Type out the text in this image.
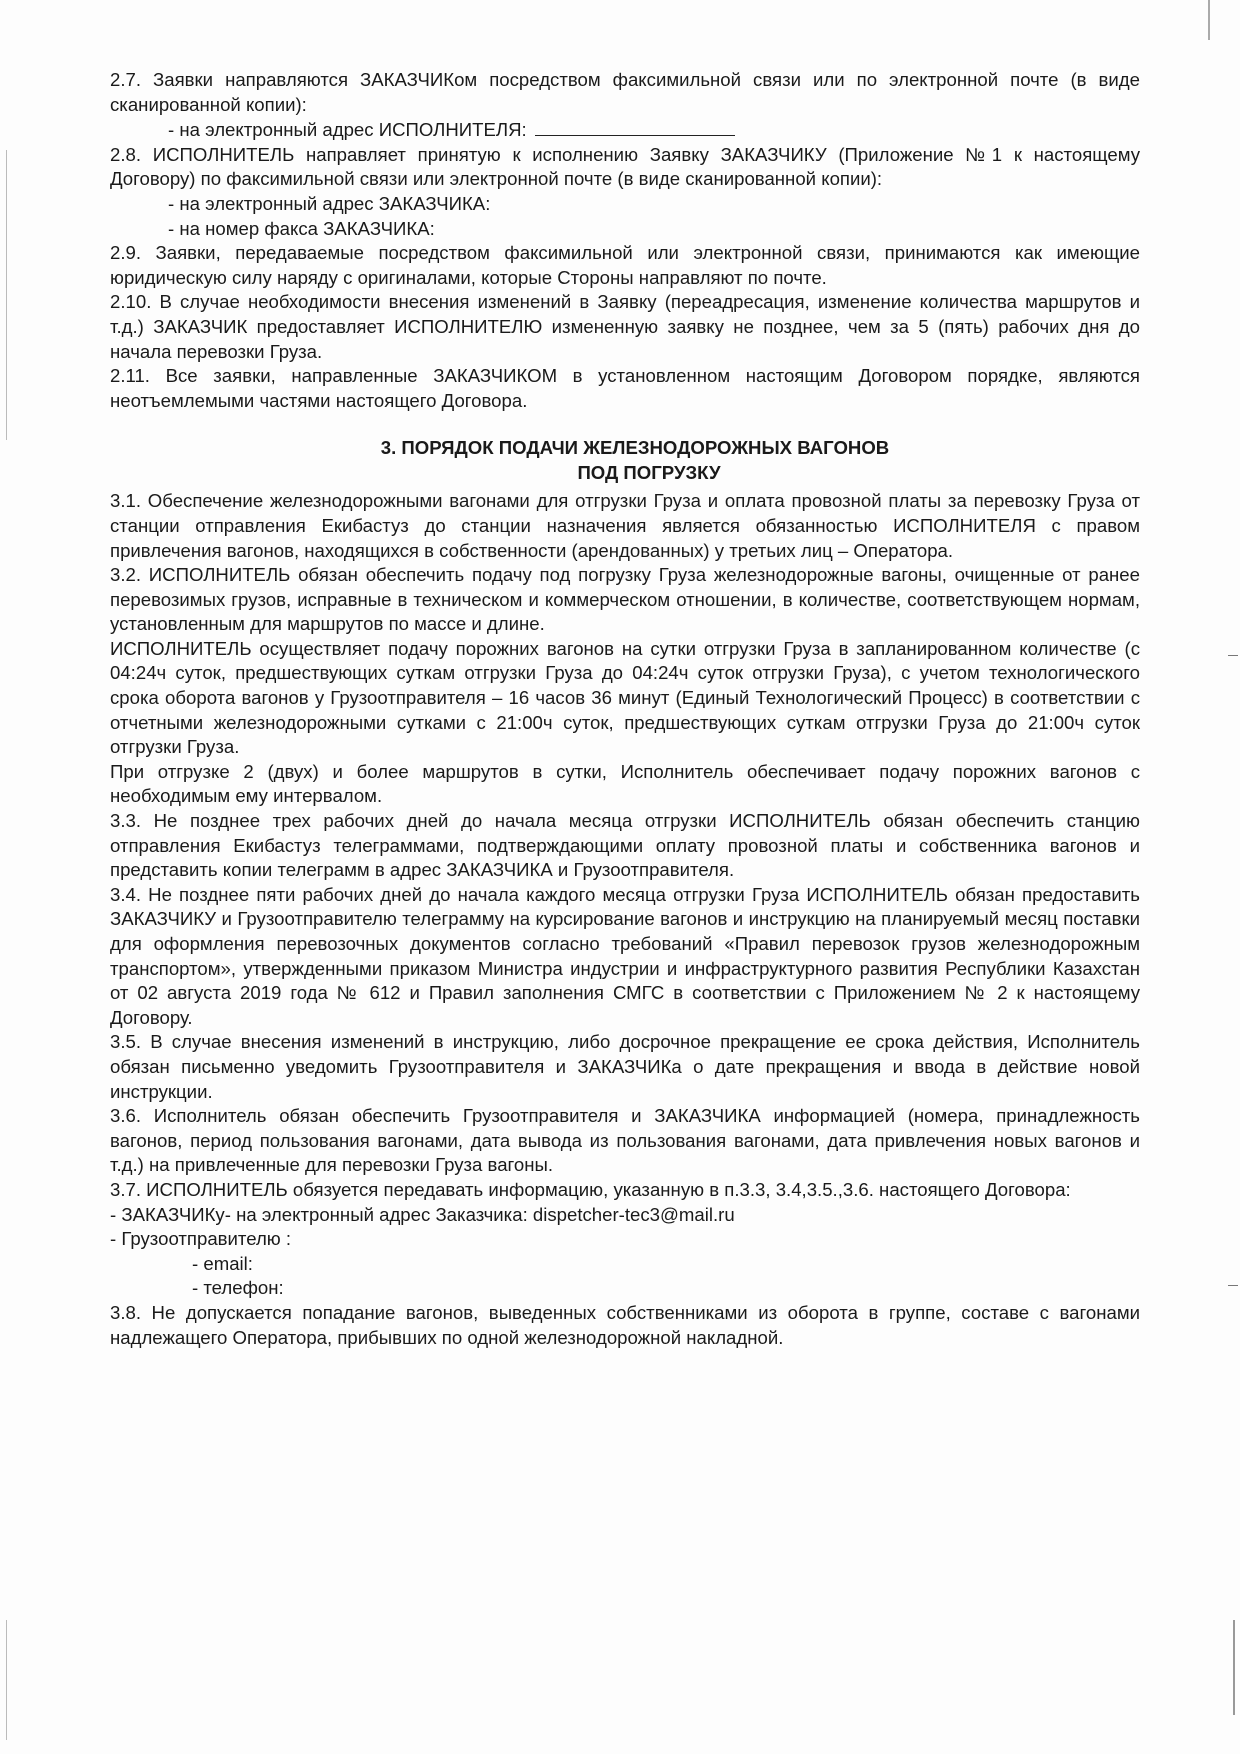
2.7. Заявки направляются ЗАКАЗЧИКом посредством факсимильной связи или по электронной почте (в виде сканированной копии):

- на электронный адрес ИСПОЛНИТЕЛЯ:

2.8. ИСПОЛНИТЕЛЬ направляет принятую к исполнению Заявку ЗАКАЗЧИКУ (Приложение №1 к настоящему Договору) по факсимильной связи или электронной почте (в виде сканированной копии):

- на электронный адрес ЗАКАЗЧИКА:

- на номер факса ЗАКАЗЧИКА:

2.9. Заявки, передаваемые посредством факсимильной или электронной связи, принимаются как имеющие юридическую силу наряду с оригиналами, которые Стороны направляют по почте.

2.10. В случае необходимости внесения изменений в Заявку (переадресация, изменение количества маршрутов и т.д.) ЗАКАЗЧИК предоставляет ИСПОЛНИТЕЛЮ измененную заявку не позднее, чем за 5 (пять) рабочих дня до начала перевозки Груза.

2.11. Все заявки, направленные ЗАКАЗЧИКОМ в установленном настоящим Договором порядке, являются неотъемлемыми частями настоящего Договора.

3. ПОРЯДОК ПОДАЧИ ЖЕЛЕЗНОДОРОЖНЫХ ВАГОНОВ
ПОД ПОГРУЗКУ

3.1. Обеспечение железнодорожными вагонами для отгрузки Груза и оплата провозной платы за перевозку Груза от станции отправления Екибастуз до станции назначения является обязанностью ИСПОЛНИТЕЛЯ с правом привлечения вагонов, находящихся в собственности (арендованных) у третьих лиц – Оператора.

3.2. ИСПОЛНИТЕЛЬ обязан обеспечить подачу под погрузку Груза железнодорожные вагоны, очищенные от ранее перевозимых грузов, исправные в техническом и коммерческом отношении, в количестве, соответствующем нормам, установленным для маршрутов по массе и длине.

ИСПОЛНИТЕЛЬ осуществляет подачу порожних вагонов на сутки отгрузки Груза в запланированном количестве (с 04:24ч суток, предшествующих суткам отгрузки Груза до 04:24ч суток отгрузки Груза), с учетом технологического срока оборота вагонов у Грузоотправителя – 16 часов 36 минут (Единый Технологический Процесс) в соответствии с отчетными железнодорожными сутками с 21:00ч суток, предшествующих суткам отгрузки Груза до 21:00ч суток отгрузки Груза.

При отгрузке 2 (двух) и более маршрутов в сутки, Исполнитель обеспечивает подачу порожних вагонов с необходимым ему интервалом.

3.3. Не позднее трех рабочих дней до начала месяца отгрузки ИСПОЛНИТЕЛЬ обязан обеспечить станцию отправления Екибастуз телеграммами, подтверждающими оплату провозной платы и собственника вагонов и представить копии телеграмм в адрес ЗАКАЗЧИКА и Грузоотправителя.

3.4. Не позднее пяти рабочих дней до начала каждого месяца отгрузки Груза ИСПОЛНИТЕЛЬ обязан предоставить ЗАКАЗЧИКУ и Грузоотправителю телеграмму на курсирование вагонов и инструкцию на планируемый месяц поставки для оформления перевозочных документов согласно требований «Правил перевозок грузов железнодорожным транспортом», утвержденными приказом Министра индустрии и инфраструктурного развития Республики Казахстан от 02 августа 2019 года № 612 и Правил заполнения СМГС в соответствии с Приложением № 2 к настоящему Договору.

3.5. В случае внесения изменений в инструкцию, либо досрочное прекращение ее срока действия, Исполнитель обязан письменно уведомить Грузоотправителя и ЗАКАЗЧИКа о дате прекращения и ввода в действие новой инструкции.

3.6. Исполнитель обязан обеспечить Грузоотправителя и ЗАКАЗЧИКА информацией (номера, принадлежность вагонов, период пользования вагонами, дата вывода из пользования вагонами, дата привлечения новых вагонов и т.д.) на привлеченные для перевозки Груза вагоны.

3.7. ИСПОЛНИТЕЛЬ обязуется передавать информацию, указанную в п.3.3, 3.4,3.5.,3.6. настоящего Договора:

- ЗАКАЗЧИКу- на электронный адрес Заказчика: dispetcher-tec3@mail.ru

- Грузоотправителю :

- email:

- телефон:

3.8. Не допускается попадание вагонов, выведенных собственниками из оборота в группе, составе с вагонами надлежащего Оператора, прибывших по одной железнодорожной накладной.
